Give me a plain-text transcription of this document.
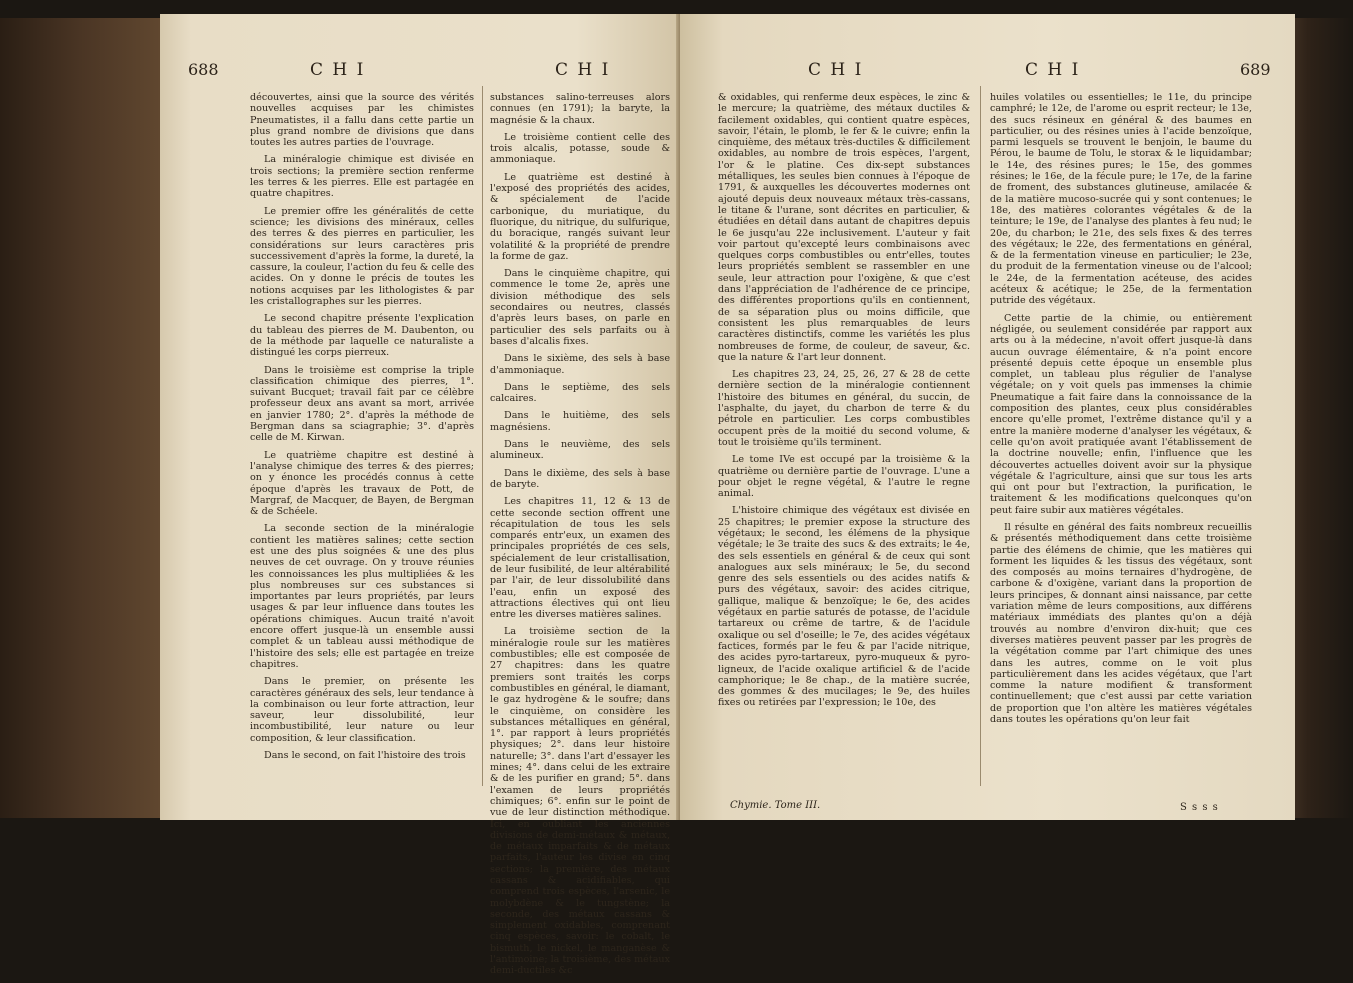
688	C H I	C H I

découvertes, ainsi que la source des vérités nouvelles acquises par les chimistes Pneumatistes, il a fallu dans cette partie un plus grand nombre de divisions que dans toutes les autres parties de l'ouvrage.

La minéralogie chimique est divisée en trois sections; la première section renferme les terres & les pierres. Elle est partagée en quatre chapitres.

Le premier offre les généralités de cette science; les divisions des minéraux, celles des terres & des pierres en particulier, les considérations sur leurs caractères pris successivement d'après la forme, la dureté, la cassure, la couleur, l'action du feu & celle des acides. On y donne le précis de toutes les notions acquises par les lithologistes & par les cristallographes sur les pierres.

Le second chapitre présente l'explication du tableau des pierres de M. Daubenton, ou de la méthode par laquelle ce naturaliste a distingué les corps pierreux.

Dans le troisième est comprise la triple classification chimique des pierres, 1°. suivant Bucquet; travail fait par ce célèbre professeur deux ans avant sa mort, arrivée en janvier 1780; 2°. d'après la méthode de Bergman dans sa sciagraphie; 3°. d'après celle de M. Kirwan.

Le quatrième chapitre est destiné à l'analyse chimique des terres & des pierres; on y énonce les procédés connus à cette époque d'après les travaux de Pott, de Margraf, de Macquer, de Bayen, de Bergman & de Schéele.

La seconde section de la minéralogie contient les matières salines; cette section est une des plus soignées & une des plus neuves de cet ouvrage. On y trouve réunies les connoissances les plus multipliées & les plus nombreuses sur ces substances si importantes par leurs propriétés, par leurs usages & par leur influence dans toutes les opérations chimiques. Aucun traité n'avoit encore offert jusque-là un ensemble aussi complet & un tableau aussi méthodique de l'histoire des sels; elle est partagée en treize chapitres.

Dans le premier, on présente les caractères généraux des sels, leur tendance à la combinaison ou leur forte attraction, leur saveur, leur dissolubilité, leur incombustibilité, leur nature ou leur composition, & leur classification.

Dans le second, on fait l'histoire des trois

substances salino-terreuses alors connues (en 1791); la baryte, la magnésie & la chaux.

Le troisième contient celle des trois alcalis, potasse, soude & ammoniaque.

Le quatrième est destiné à l'exposé des propriétés des acides, & spécialement de l'acide carbonique, du muriatique, du fluorique, du nitrique, du sulfurique, du boracique, rangés suivant leur volatilité & la propriété de prendre la forme de gaz.

Dans le cinquième chapitre, qui commence le tome 2e, après une division méthodique des sels secondaires ou neutres, classés d'après leurs bases, on parle en particulier des sels parfaits ou à bases d'alcalis fixes.

Dans le sixième, des sels à base d'ammoniaque.

Dans le septième, des sels calcaires.

Dans le huitième, des sels magnésiens.

Dans le neuvième, des sels alumineux.

Dans le dixième, des sels à base de baryte.

Les chapitres 11, 12 & 13 de cette seconde section offrent une récapitulation de tous les sels comparés entr'eux, un examen des principales propriétés de ces sels, spécialement de leur cristallisation, de leur fusibilité, de leur altérabilité par l'air, de leur dissolubilité dans l'eau, enfin un exposé des attractions électives qui ont lieu entre les diverses matières salines.

La troisième section de la minéralogie roule sur les matières combustibles; elle est composée de 27 chapitres: dans les quatre premiers sont traités les corps combustibles en général, le diamant, le gaz hydrogène & le soufre; dans le cinquième, on considère les substances métalliques en général, 1°. par rapport à leurs propriétés physiques; 2°. dans leur histoire naturelle; 3°. dans l'art d'essayer les mines; 4°. dans celui de les extraire & de les purifier en grand; 5°. dans l'examen de leurs propriétés chimiques; 6°. enfin sur le point de vue de leur distinction méthodique. Ici, en oubliant les anciennes divisions de demi-métaux & métaux, de métaux imparfaits & de métaux parfaits, l'auteur les divise en cinq sections; la première, des métaux cassans & acidifiables, qui comprend trois espèces, l'arsenic, le molybdène & le tungstène; la seconde, des métaux cassans & simplement oxidables, comprenant cinq espèces, savoir: le cobalt, le bismuth, le nickel, le manganèse & l'antimoine; la troisième, des métaux demi-ductiles &c

C H I	C H I	689

& oxidables, qui renferme deux espèces, le zinc & le mercure; la quatrième, des métaux ductiles & facilement oxidables, qui contient quatre espèces, savoir, l'étain, le plomb, le fer & le cuivre; enfin la cinquième, des métaux très-ductiles & difficilement oxidables, au nombre de trois espèces, l'argent, l'or & le platine. Ces dix-sept substances métalliques, les seules bien connues à l'époque de 1791, & auxquelles les découvertes modernes ont ajouté depuis deux nouveaux métaux très-cassans, le titane & l'urane, sont décrites en particulier, & étudiées en détail dans autant de chapitres depuis le 6e jusqu'au 22e inclusivement. L'auteur y fait voir partout qu'excepté leurs combinaisons avec quelques corps combustibles ou entr'elles, toutes leurs propriétés semblent se rassembler en une seule, leur attraction pour l'oxigène, & que c'est dans l'appréciation de l'adhérence de ce principe, des différentes proportions qu'ils en contiennent, de sa séparation plus ou moins difficile, que consistent les plus remarquables de leurs caractères distinctifs, comme les variétés les plus nombreuses de forme, de couleur, de saveur, &c. que la nature & l'art leur donnent.

Les chapitres 23, 24, 25, 26, 27 & 28 de cette dernière section de la minéralogie contiennent l'histoire des bitumes en général, du succin, de l'asphalte, du jayet, du charbon de terre & du pétrole en particulier. Les corps combustibles occupent près de la moitié du second volume, & tout le troisième qu'ils terminent.

Le tome IVe est occupé par la troisième & la quatrième ou dernière partie de l'ouvrage. L'une a pour objet le regne végétal, & l'autre le regne animal.

L'histoire chimique des végétaux est divisée en 25 chapitres; le premier expose la structure des végétaux; le second, les élémens de la physique végétale; le 3e traite des sucs & des extraits; le 4e, des sels essentiels en général & de ceux qui sont analogues aux sels minéraux; le 5e, du second genre des sels essentiels ou des acides natifs & purs des végétaux, savoir: des acides citrique, gallique, malique & benzoïque; le 6e, des acides végétaux en partie saturés de potasse, de l'acidule tartareux ou crême de tartre, & de l'acidule oxalique ou sel d'oseille; le 7e, des acides végétaux factices, formés par le feu & par l'acide nitrique, des acides pyro-tartareux, pyro-muqueux & pyro-ligneux, de l'acide oxalique artificiel & de l'acide camphorique; le 8e chap., de la matière sucrée, des gommes & des mucilages; le 9e, des huiles fixes ou retirées par l'expression; le 10e, des

huiles volatiles ou essentielles; le 11e, du principe camphré; le 12e, de l'arome ou esprit recteur; le 13e, des sucs résineux en général & des baumes en particulier, ou des résines unies à l'acide benzoïque, parmi lesquels se trouvent le benjoin, le baume du Pérou, le baume de Tolu, le storax & le liquidambar; le 14e, des résines pures; le 15e, des gommes résines; le 16e, de la fécule pure; le 17e, de la farine de froment, des substances glutineuse, amilacée & de la matière mucoso-sucrée qui y sont contenues; le 18e, des matières colorantes végétales & de la teinture; le 19e, de l'analyse des plantes à feu nud; le 20e, du charbon; le 21e, des sels fixes & des terres des végétaux; le 22e, des fermentations en général, & de la fermentation vineuse en particulier; le 23e, du produit de la fermentation vineuse ou de l'alcool; le 24e, de la fermentation acéteuse, des acides acéteux & acétique; le 25e, de la fermentation putride des végétaux.

Cette partie de la chimie, ou entièrement négligée, ou seulement considérée par rapport aux arts ou à la médecine, n'avoit offert jusque-là dans aucun ouvrage élémentaire, & n'a point encore présenté depuis cette époque un ensemble plus complet, un tableau plus régulier de l'analyse végétale; on y voit quels pas immenses la chimie Pneumatique a fait faire dans la connoissance de la composition des plantes, ceux plus considérables encore qu'elle promet, l'extrême distance qu'il y a entre la manière moderne d'analyser les végétaux, & celle qu'on avoit pratiquée avant l'établissement de la doctrine nouvelle; enfin, l'influence que les découvertes actuelles doivent avoir sur la physique végétale & l'agriculture, ainsi que sur tous les arts qui ont pour but l'extraction, la purification, le traitement & les modifications quelconques qu'on peut faire subir aux matières végétales.

Il résulte en général des faits nombreux recueillis & présentés méthodiquement dans cette troisième partie des élémens de chimie, que les matières qui forment les liquides & les tissus des végétaux, sont des composés au moins ternaires d'hydrogène, de carbone & d'oxigène, variant dans la proportion de leurs principes, & donnant ainsi naissance, par cette variation même de leurs compositions, aux différens matériaux immédiats des plantes qu'on a déjà trouvés au nombre d'environ dix-huit; que ces diverses matières peuvent passer par les progrès de la végétation comme par l'art chimique des unes dans les autres, comme on le voit plus particulièrement dans les acides végétaux, que l'art comme la nature modifient & transforment continuellement; que c'est aussi par cette variation de proportion que l'on altère les matières végétales dans toutes les opérations qu'on leur fait

Chymie. Tome III.	S s s s
